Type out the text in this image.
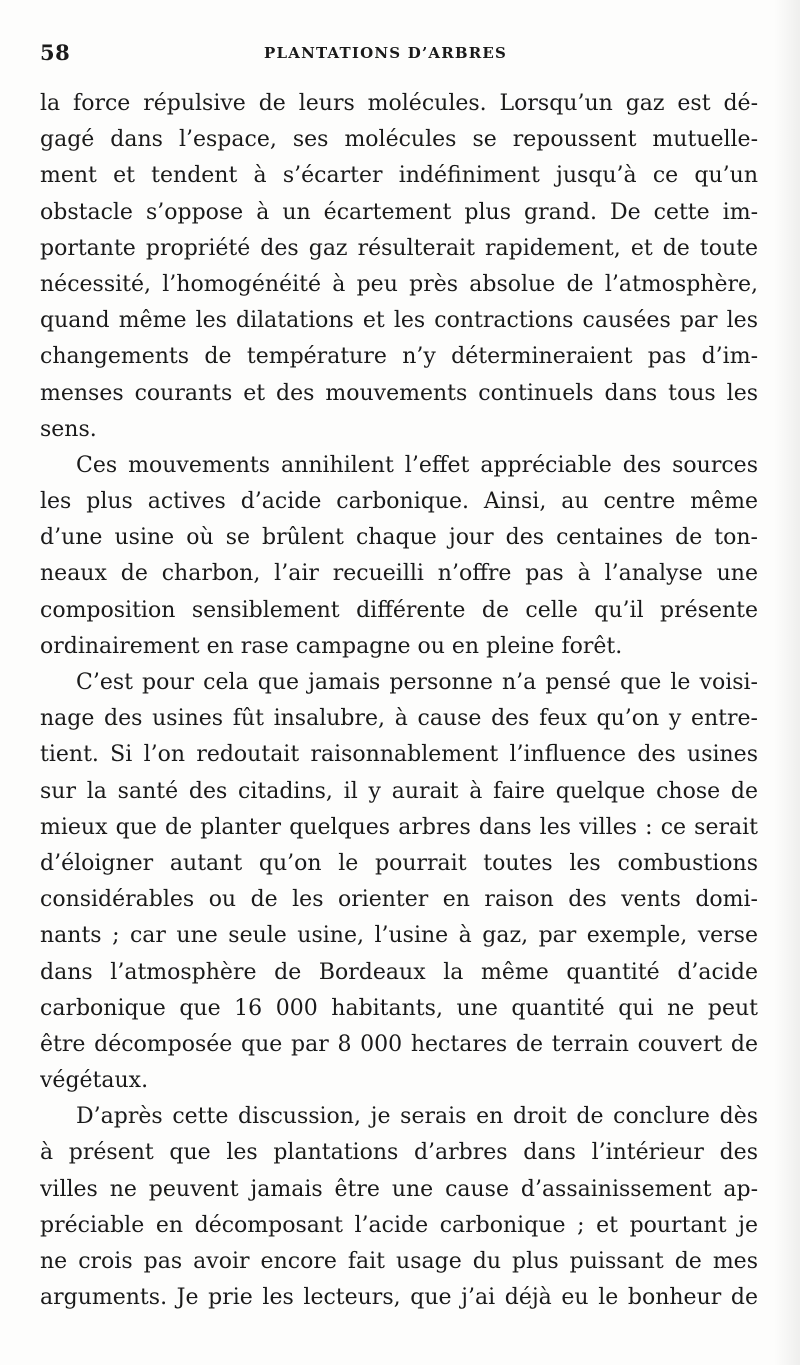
58	PLANTATIONS D’ARBRES
la force répulsive de leurs molécules. Lorsqu’un gaz est dé-
gagé dans l’espace, ses molécules se repoussent mutuelle-
ment et tendent à s’écarter indéfiniment jusqu’à ce qu’un
obstacle s’oppose à un écartement plus grand. De cette im-
portante propriété des gaz résulterait rapidement, et de toute
nécessité, l’homogénéité à peu près absolue de l’atmosphère,
quand même les dilatations et les contractions causées par les
changements de température n’y détermineraient pas d’im-
menses courants et des mouvements continuels dans tous les
sens.
Ces mouvements annihilent l’effet appréciable des sources
les plus actives d’acide carbonique. Ainsi, au centre même
d’une usine où se brûlent chaque jour des centaines de ton-
neaux de charbon, l’air recueilli n’offre pas à l’analyse une
composition sensiblement différente de celle qu’il présente
ordinairement en rase campagne ou en pleine forêt.
C’est pour cela que jamais personne n’a pensé que le voisi-
nage des usines fût insalubre, à cause des feux qu’on y entre-
tient. Si l’on redoutait raisonnablement l’influence des usines
sur la santé des citadins, il y aurait à faire quelque chose de
mieux que de planter quelques arbres dans les villes : ce serait
d’éloigner autant qu’on le pourrait toutes les combustions
considérables ou de les orienter en raison des vents domi-
nants ; car une seule usine, l’usine à gaz, par exemple, verse
dans l’atmosphère de Bordeaux la même quantité d’acide
carbonique que 16 000 habitants, une quantité qui ne peut
être décomposée que par 8 000 hectares de terrain couvert de
végétaux.
D’après cette discussion, je serais en droit de conclure dès
à présent que les plantations d’arbres dans l’intérieur des
villes ne peuvent jamais être une cause d’assainissement ap-
préciable en décomposant l’acide carbonique ; et pourtant je
ne crois pas avoir encore fait usage du plus puissant de mes
arguments. Je prie les lecteurs, que j’ai déjà eu le bonheur de
